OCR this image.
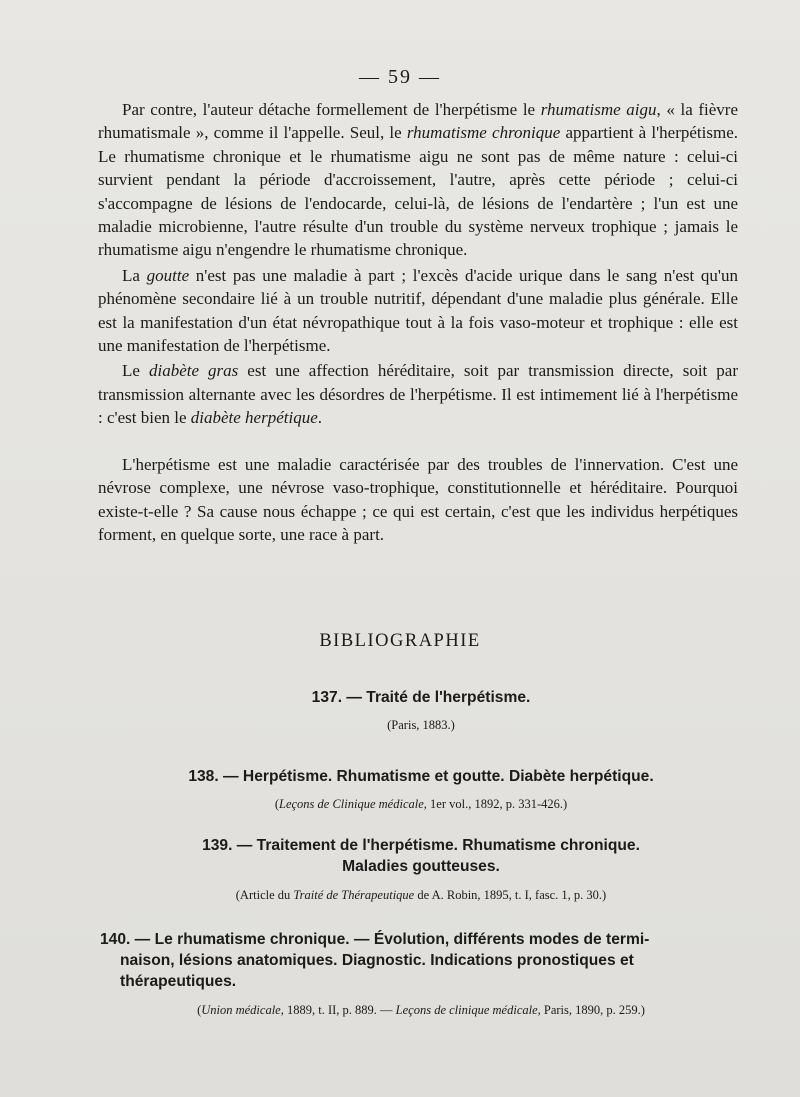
— 59 —

Par contre, l'auteur détache formellement de l'herpétisme le rhumatisme aigu, « la fièvre rhumatismale », comme il l'appelle. Seul, le rhumatisme chronique appartient à l'herpétisme. Le rhumatisme chronique et le rhumatisme aigu ne sont pas de même nature : celui-ci survient pendant la période d'accroissement, l'autre, après cette période ; celui-ci s'accompagne de lésions de l'endocarde, celui-là, de lésions de l'endartère ; l'un est une maladie microbienne, l'autre résulte d'un trouble du système nerveux trophique ; jamais le rhumatisme aigu n'engendre le rhumatisme chronique.

La goutte n'est pas une maladie à part ; l'excès d'acide urique dans le sang n'est qu'un phénomène secondaire lié à un trouble nutritif, dépendant d'une maladie plus générale. Elle est la manifestation d'un état névropathique tout à la fois vaso-moteur et trophique : elle est une manifestation de l'herpétisme.

Le diabète gras est une affection héréditaire, soit par transmission directe, soit par transmission alternante avec les désordres de l'herpétisme. Il est intimement lié à l'herpétisme : c'est bien le diabète herpétique.

L'herpétisme est une maladie caractérisée par des troubles de l'innervation. C'est une névrose complexe, une névrose vaso-trophique, constitutionnelle et héréditaire. Pourquoi existe-t-elle ? Sa cause nous échappe ; ce qui est certain, c'est que les individus herpétiques forment, en quelque sorte, une race à part.

BIBLIOGRAPHIE
137. — Traité de l'herpétisme.
(Paris, 1883.)
138. — Herpétisme. Rhumatisme et goutte. Diabète herpétique.
(Leçons de Clinique médicale, 1er vol., 1892, p. 331-426.)
139. — Traitement de l'herpétisme. Rhumatisme chronique.
Maladies goutteuses.
(Article du Traité de Thérapeutique de A. Robin, 1895, t. I, fasc. 1, p. 30.)
140. — Le rhumatisme chronique. — Évolution, différents modes de termi-
naison, lésions anatomiques. Diagnostic. Indications pronostiques et
thérapeutiques.
(Union médicale, 1889, t. II, p. 889. — Leçons de clinique médicale, Paris, 1890, p. 259.)
